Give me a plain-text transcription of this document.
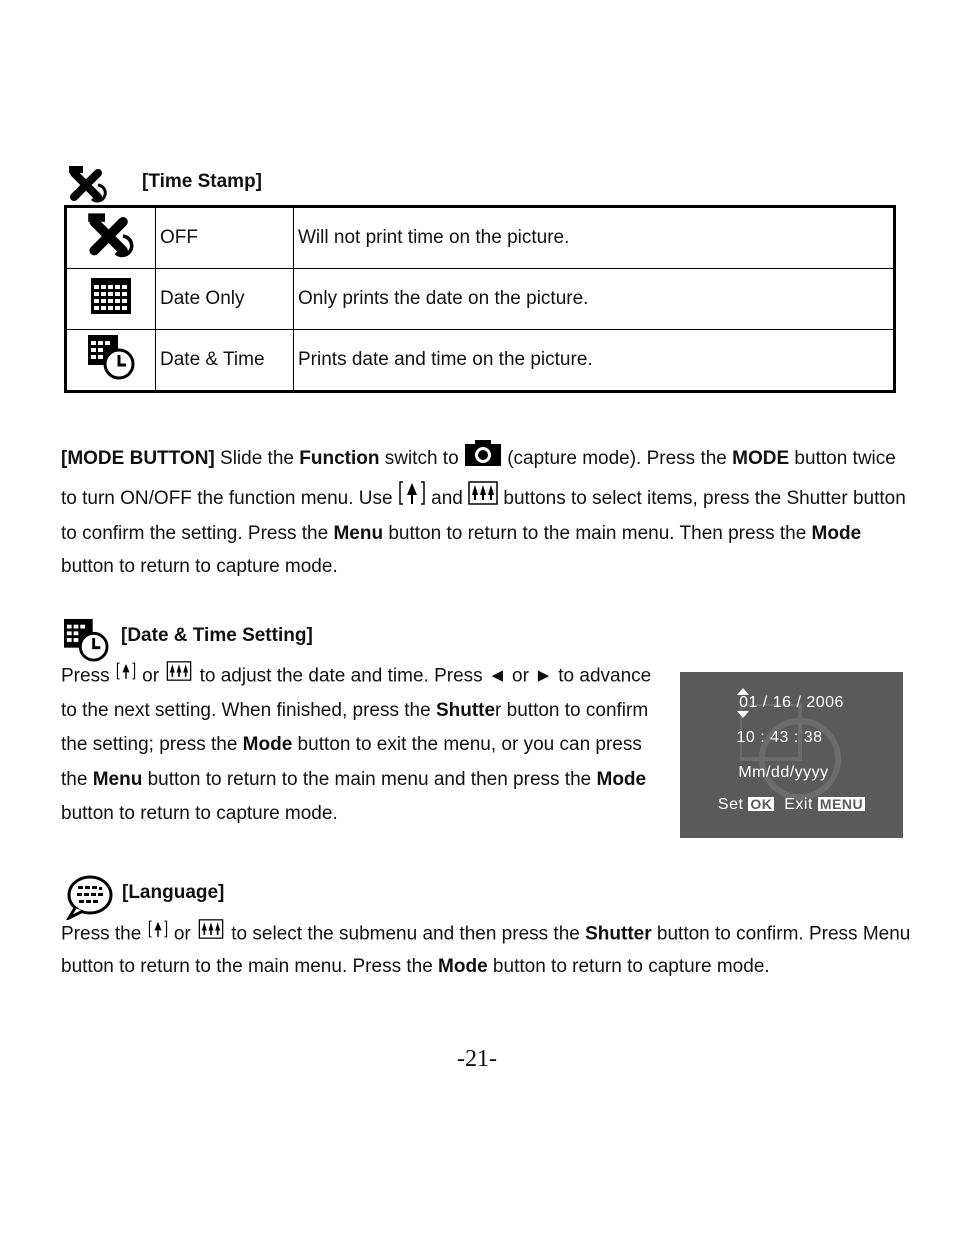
[Time Stamp]
	OFF	Will not print time on the picture.

	Date Only	Only prints the date on the picture.

	Date & Time	Prints date and time on the picture.
[MODE BUTTON] Slide the Function switch to  (capture mode). Press the MODE button twice to turn ON/OFF the function menu. Use  and  buttons to select items, press the Shutter button to confirm the setting. Press the Menu button to return to the main menu. Then press the Mode button to return to capture mode.
[Date & Time Setting]
Press  or  to adjust the date and time. Press ◄ or ► to advance to the next setting. When finished, press the Shutter button to confirm the setting; press the Mode button to exit the menu, or you can press the Menu button to return to the main menu and then press the Mode button to return to capture mode.
01 / 16 / 2006
10 : 43 : 38
Mm/dd/yyyy
Set OK Exit MENU
[Language]
Press the  or  to select the submenu and then press the Shutter button to confirm. Press Menu button to return to the main menu. Press the Mode button to return to capture mode.
-21-
